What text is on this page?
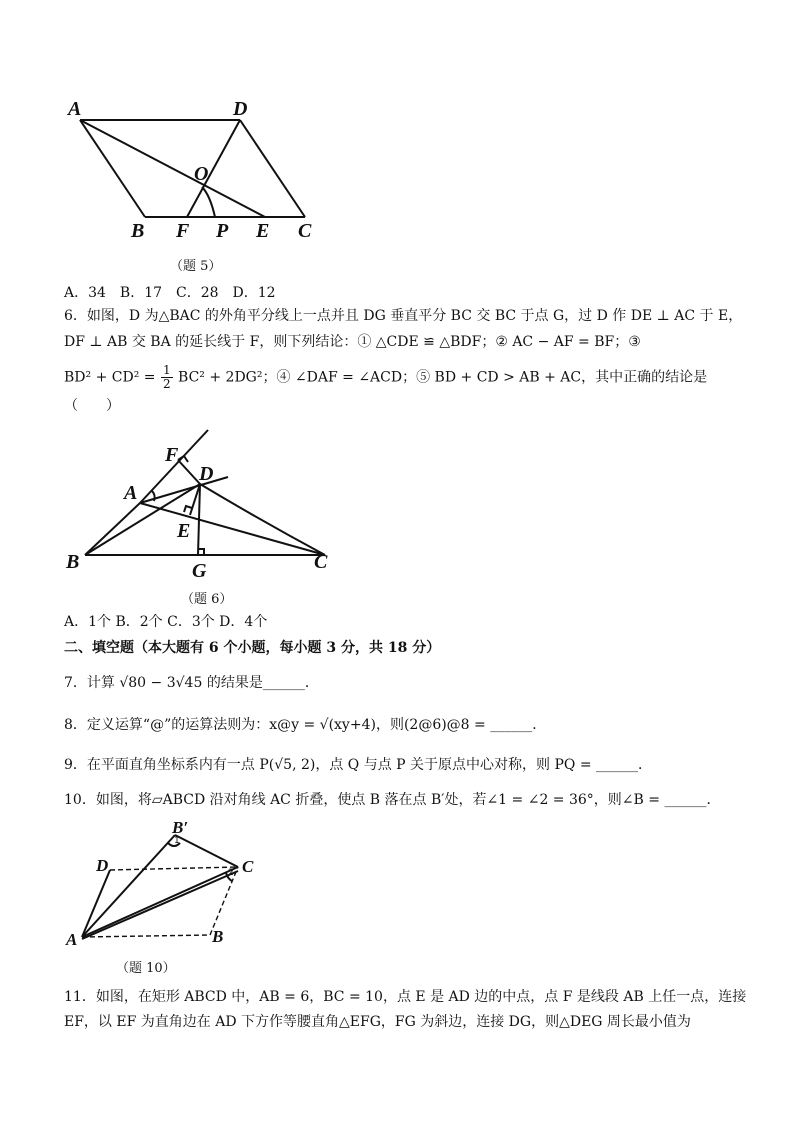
A	D
O
B F P E C
（题 5）
A．34　B．17　C．28　D．12
6．如图，D 为△BAC 的外角平分线上一点并且 DG 垂直平分 BC 交 BC 于点 G，过 D 作 DE ⊥ AC 于 E，
DF ⊥ AB 交 BA 的延长线于 F，则下列结论：① △CDE ≌ △BDF；② AC − AF = BF；③
$BD^2 + CD^2 = \frac{1}{2} BC^2 + 2DG^2$；④ ∠DAF = ∠ACD；⑤ BD + CD > AB + AC，其中正确的结论是
（　　）
F
D
A
E
B	G	C
（题 6）
A．1个 B．2个 C．3个 D．4个
二、填空题（本大题有 6 个小题，每小题 3 分，共 18 分）
7．计算 √80 − 3√45 的结果是______．
8．定义运算“@”的运算法则为：x@y = √(xy+4)，则(2@6)@8 = ______．
9．在平面直角坐标系内有一点 P(√5, 2)，点 Q 与点 P 关于原点中心对称，则 PQ = ______．
10．如图，将▱ABCD 沿对角线 AC 折叠，使点 B 落在点 B′处，若∠1 = ∠2 = 36°，则∠B = ______．
B′
D	C
A	B
1
2
（题 10）
11．如图，在矩形 ABCD 中，AB = 6，BC = 10，点 E 是 AD 边的中点，点 F 是线段 AB 上任一点，连接
EF，以 EF 为直角边在 AD 下方作等腰直角△EFG，FG 为斜边，连接 DG，则△DEG 周长最小值为
